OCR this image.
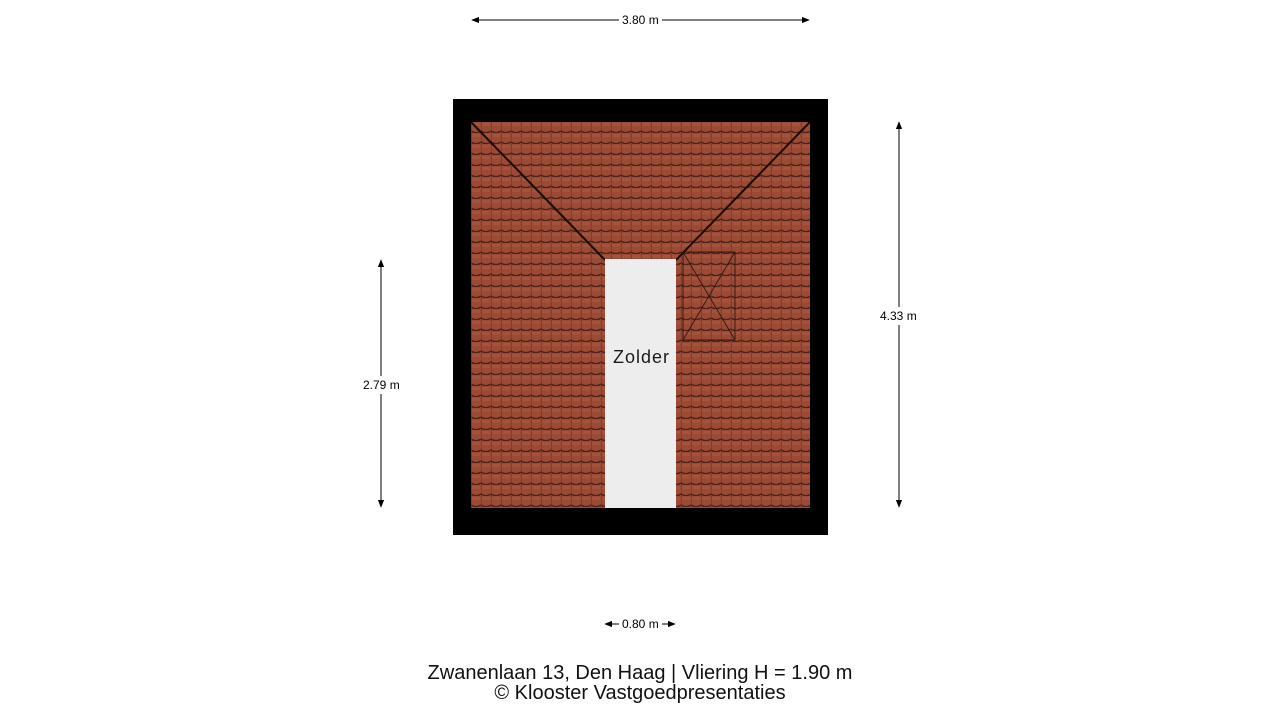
3.80 m
4.33 m
2.79 m
0.80 m
Zolder
Zwanenlaan 13, Den Haag | Vliering H = 1.90 m
© Klooster Vastgoedpresentaties
